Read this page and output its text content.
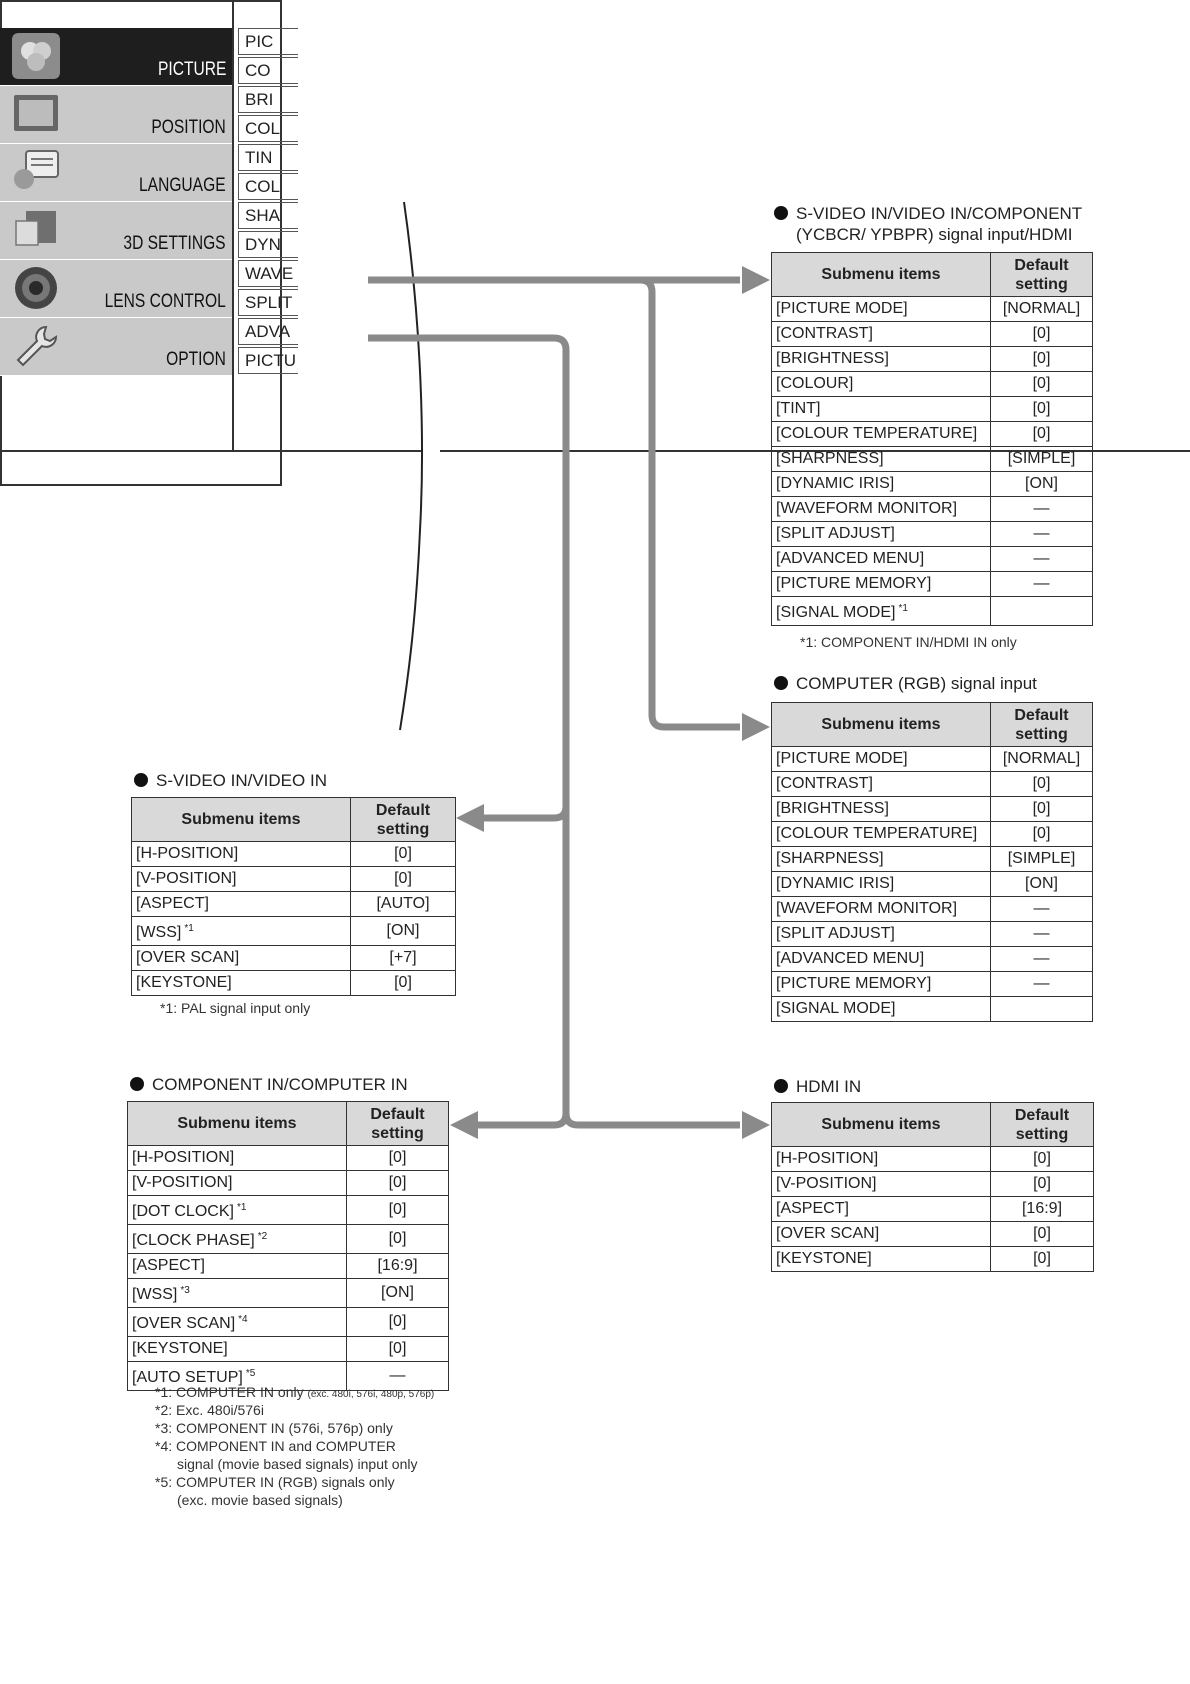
PICTURE
POSITION
LANGUAGE
3D SETTINGS
LENS CONTROL
OPTION
PIC
CO
BRI
COL
TIN
COL
SHA
DYN
WAVE
SPLIT
ADVA
PICTU
S-VIDEO IN/VIDEO IN/COMPONENT
(YCBCR/ YPBPR) signal input/HDMI
Submenu items	Default
setting
[PICTURE MODE]	[NORMAL]
[CONTRAST]	[0]
[BRIGHTNESS]	[0]
[COLOUR]	[0]
[TINT]	[0]
[COLOUR TEMPERATURE]	[0]
[SHARPNESS]	[SIMPLE]
[DYNAMIC IRIS]	[ON]
[WAVEFORM MONITOR]	—
[SPLIT ADJUST]	—
[ADVANCED MENU]	—
[PICTURE MEMORY]	—
[SIGNAL MODE] $^{*1}$	
*1: COMPONENT IN/HDMI IN only
COMPUTER (RGB) signal input
Submenu items	Default
setting
[PICTURE MODE]	[NORMAL]
[CONTRAST]	[0]
[BRIGHTNESS]	[0]
[COLOUR TEMPERATURE]	[0]
[SHARPNESS]	[SIMPLE]
[DYNAMIC IRIS]	[ON]
[WAVEFORM MONITOR]	—
[SPLIT ADJUST]	—
[ADVANCED MENU]	—
[PICTURE MEMORY]	—
[SIGNAL MODE]	
S-VIDEO IN/VIDEO IN
Submenu items	Default
setting
[H-POSITION]	[0]
[V-POSITION]	[0]
[ASPECT]	[AUTO]
[WSS] $^{*1}$	[ON]
[OVER SCAN]	[+7]
[KEYSTONE]	[0]
*1: PAL signal input only
COMPONENT IN/COMPUTER IN
Submenu items	Default
setting
[H-POSITION]	[0]
[V-POSITION]	[0]
[DOT CLOCK] $^{*1}$	[0]
[CLOCK PHASE] $^{*2}$	[0]
[ASPECT]	[16:9]
[WSS] $^{*3}$	[ON]
[OVER SCAN] $^{*4}$	[0]
[KEYSTONE]	[0]
[AUTO SETUP] $^{*5}$	—
*1: COMPUTER IN only (exc. 480i, 576i, 480p, 576p)
*2: Exc. 480i/576i
*3: COMPONENT IN (576i, 576p) only
*4: COMPONENT IN and COMPUTER
signal (movie based signals) input only
*5: COMPUTER IN (RGB) signals only
(exc. movie based signals)
HDMI IN
Submenu items	Default
setting
[H-POSITION]	[0]
[V-POSITION]	[0]
[ASPECT]	[16:9]
[OVER SCAN]	[0]
[KEYSTONE]	[0]
